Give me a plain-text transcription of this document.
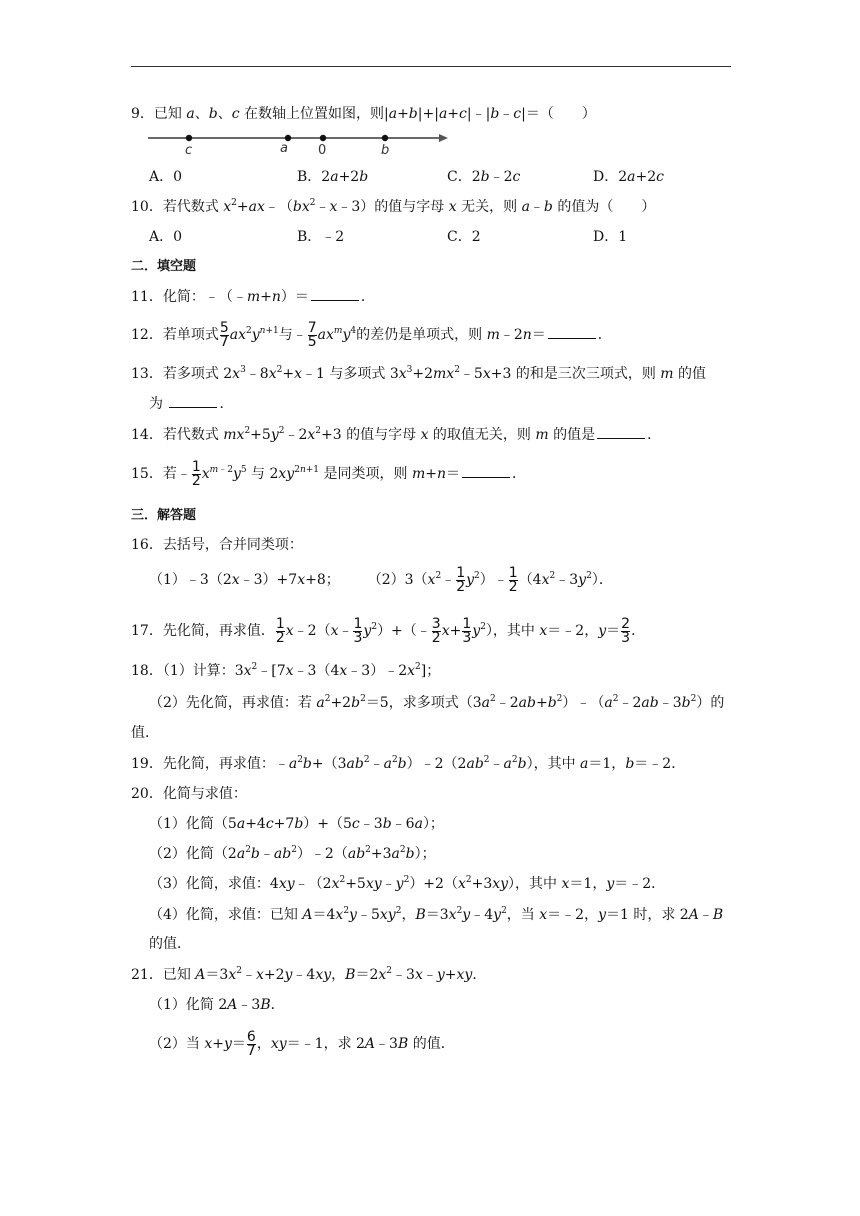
9．已知 a、b、c 在数轴上位置如图，则|a+b|+|a+c|﹣|b﹣c|＝（　　）
c	a 0	b
A．0	B．2a+2b	C．2b﹣2c	D．2a+2c
10．若代数式 $x^2+ax﹣(bx^2﹣x﹣3)$的值与字母 x 无关，则 a﹣b 的值为（　　）
A．0	B．﹣2	C．2	D．1
二．填空题
11．化简：﹣（﹣m+n）＝	．
12．若单项式 $\frac{5}{7} ax^2y^{n+1}$与﹣ $\frac{7}{5} ax^my^4$的差仍是单项式，则 m﹣2n＝	．
13．若多项式 $2x^3﹣8x^2+x﹣1$ 与多项式 $3x^3+2mx^2﹣5x+3$ 的和是三次三项式，则 m 的值
为	．
14．若代数式 $mx^2+5y^2﹣2x^2+3$ 的值与字母 x 的取值无关，则 m 的值是	．
15．若﹣ $\frac{1}{2} x^{m﹣2}y^5$ 与 $2xy^{2n+1}$ 是同类项，则 m+n＝	．
三．解答题
16．去括号，合并同类项：
（1）﹣3（2x﹣3）+7x+8；　　　$(2)3(x^2﹣ \frac{1}{2}$ $y^2)﹣ \frac{1}{2}$ $(4x^2﹣3y^2)$．
17．先化简，再求值． $\frac{1}{2}$ x﹣2（x﹣ $\frac{1}{3}$ $y^2)+(﹣ \frac{3}{2} x+ \frac{1}{3} y^2)$，其中 x＝﹣2，$y= \frac{2}{3}$ ．
18．（1）计算：$3x^2﹣[7x﹣3(4x﹣3)﹣2x^2]$；
（2）先化简，再求值：若 $a^2+2b^2=5$，求多项式$(3a^2﹣2ab+b^2)﹣(a^2﹣2ab﹣3b^2)$的
值．
19．先化简，再求值：$﹣a^2b+(3ab^2﹣a^2b)﹣2(2ab^2﹣a^2b)$，其中 a＝1，b＝﹣2．
20．化简与求值：
（1）化简（5a+4c+7b）+（5c﹣3b﹣6a）；
（2）化简$(2a^2b﹣ab^2)﹣2(ab^2+3a^2b)$；
（3）化简，求值：$4xy﹣(2x^2+5xy﹣y^2)+2(x^2+3xy)$，其中 x＝1，y＝﹣2．
（4）化简，求值：已知 $A=4x^2y﹣5xy^2$，$B=3x^2y﹣4y^2$，当 x＝﹣2，y＝1 时，求 2A﹣B
的值．
21．已知 $A=3x^2﹣x+2y﹣4xy$，$B=2x^2﹣3x﹣y+xy$．
（1）化简 2A﹣3B．
（2）当 $x+y= \frac{6}{7}$ ，xy＝﹣1，求 2A﹣3B 的值．
